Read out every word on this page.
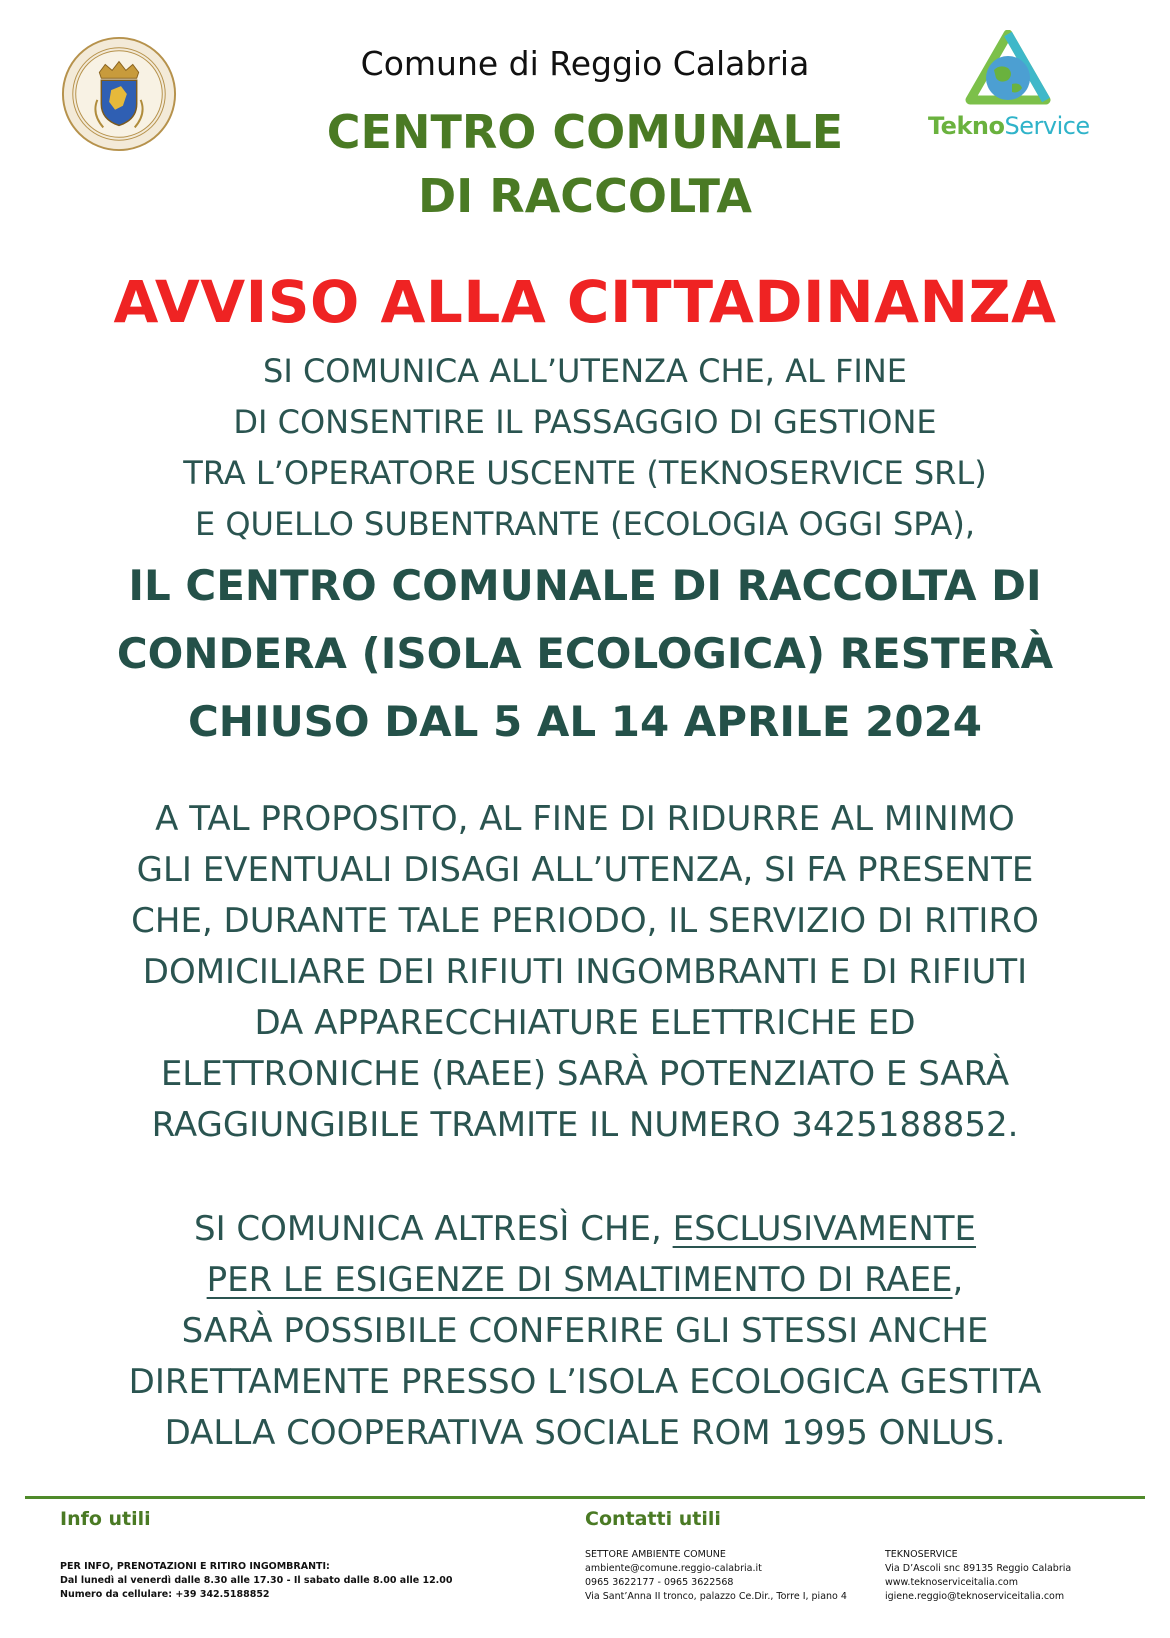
TeknoService
Comune di Reggio Calabria
CENTRO COMUNALE
DI RACCOLTA
AVVISO ALLA CITTADINANZA
SI COMUNICA ALL’UTENZA CHE, AL FINE
DI CONSENTIRE IL PASSAGGIO DI GESTIONE
TRA L’OPERATORE USCENTE (TEKNOSERVICE SRL)
E QUELLO SUBENTRANTE (ECOLOGIA OGGI SPA),
IL CENTRO COMUNALE DI RACCOLTA DI
CONDERA (ISOLA ECOLOGICA) RESTERÀ
CHIUSO DAL 5 AL 14 APRILE 2024
A TAL PROPOSITO, AL FINE DI RIDURRE AL MINIMO
GLI EVENTUALI DISAGI ALL’UTENZA, SI FA PRESENTE
CHE, DURANTE TALE PERIODO, IL SERVIZIO DI RITIRO
DOMICILIARE DEI RIFIUTI INGOMBRANTI E DI RIFIUTI
DA APPARECCHIATURE ELETTRICHE ED
ELETTRONICHE (RAEE) SARÀ POTENZIATO E SARÀ
RAGGIUNGIBILE TRAMITE IL NUMERO 3425188852.
SI COMUNICA ALTRESÌ CHE, ESCLUSIVAMENTE
PER LE ESIGENZE DI SMALTIMENTO DI RAEE,
SARÀ POSSIBILE CONFERIRE GLI STESSI ANCHE
DIRETTAMENTE PRESSO L’ISOLA ECOLOGICA GESTITA
DALLA COOPERATIVA SOCIALE ROM 1995 ONLUS.
Info utili	Contatti utili
PER INFO, PRENOTAZIONI E RITIRO INGOMBRANTI:
Dal lunedì al venerdì dalle 8.30 alle 17.30 - Il sabato dalle 8.00 alle 12.00
Numero da cellulare: +39 342.5188852
SETTORE AMBIENTE COMUNE
ambiente@comune.reggio-calabria.it
0965 3622177 - 0965 3622568
Via Sant’Anna II tronco, palazzo Ce.Dir., Torre I, piano 4
TEKNOSERVICE
Via D’Ascoli snc 89135 Reggio Calabria
www.teknoserviceitalia.com
igiene.reggio@teknoserviceitalia.com
